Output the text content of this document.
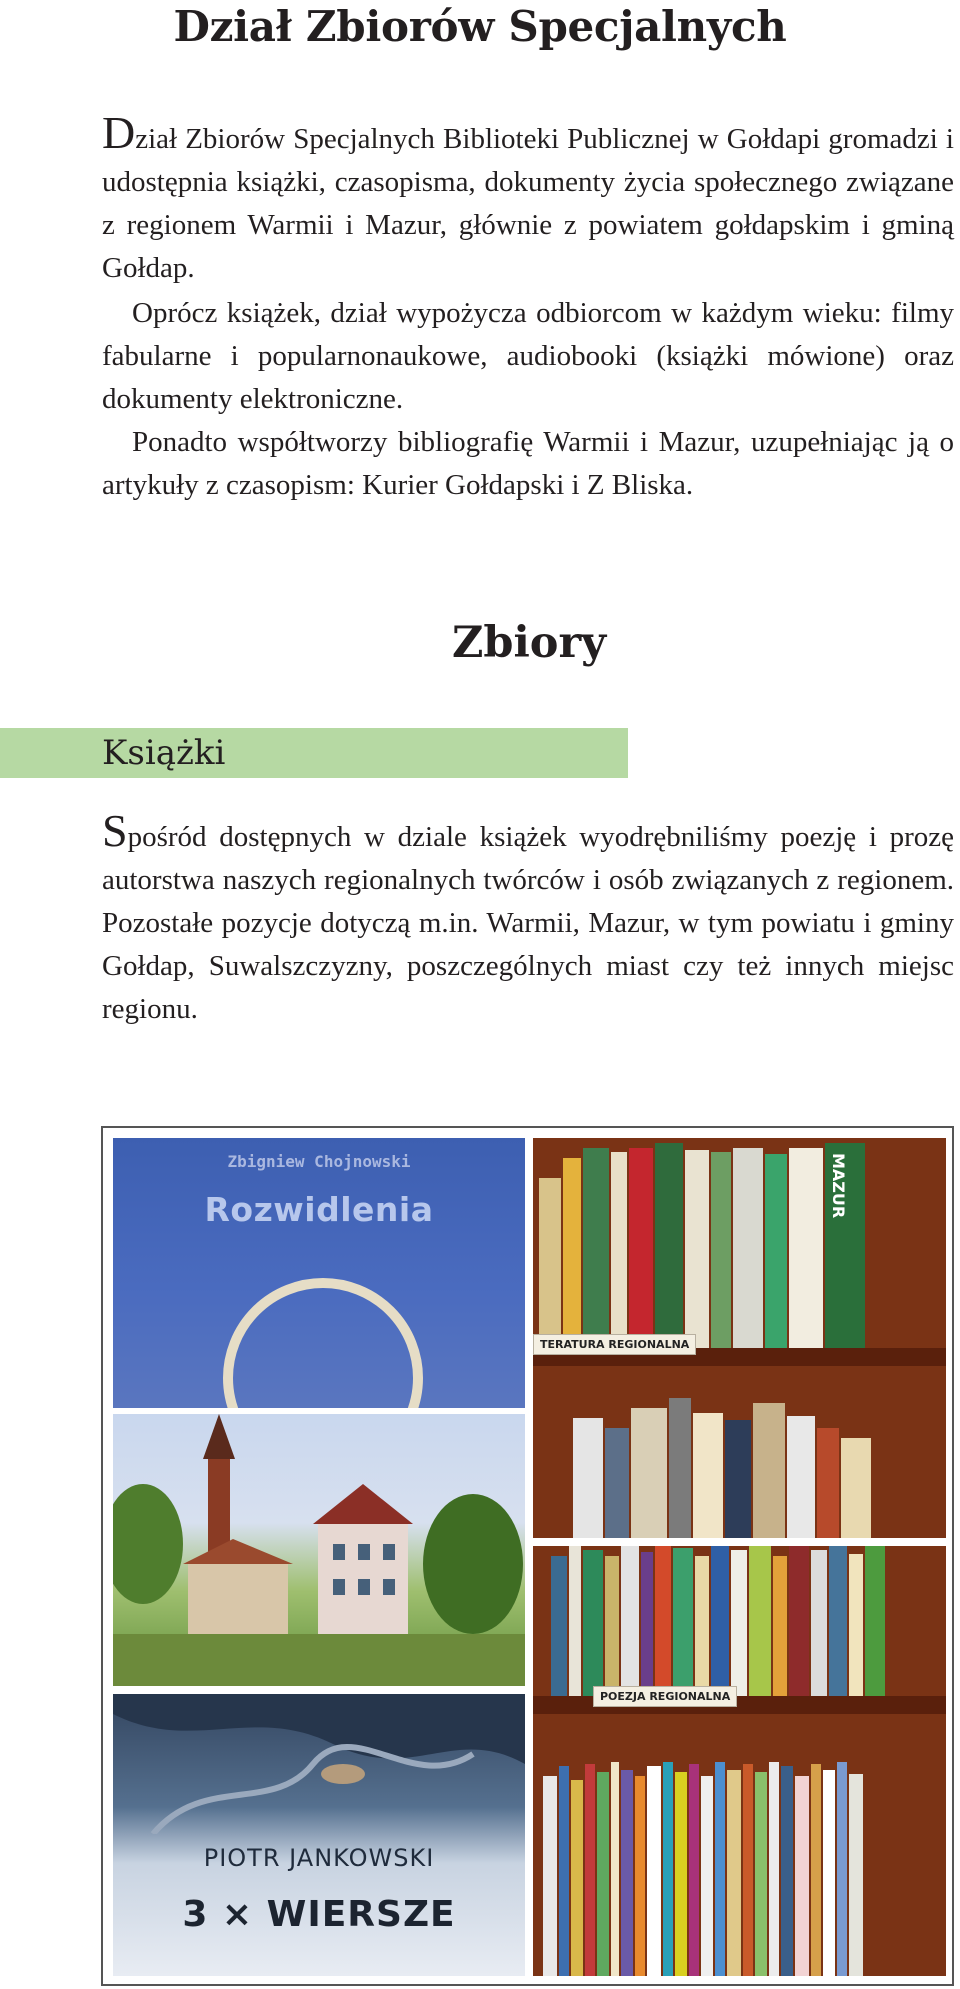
Dział Zbiorów Specjalnych

Dział Zbiorów Specjalnych Biblioteki Publicznej w Gołdapi gromadzi i udostępnia książki, czasopisma, dokumenty życia społecznego związane z regionem Warmii i Mazur, głównie z powiatem gołdapskim i gminą Gołdap.

Oprócz książek, dział wypożycza odbiorcom w każdym wieku: filmy fabularne i popularnonaukowe, audiobooki (książki mówione) oraz dokumenty elektroniczne.

Ponadto współtworzy bibliografię Warmii i Mazur, uzupełniając ją o artykuły z czasopism: Kurier Gołdapski i Z Bliska.

Zbiory
Książki

Spośród dostępnych w dziale książek wyodrębniliśmy poezję i prozę autorstwa naszych regionalnych twórców i osób związanych z regionem. Pozostałe pozycje dotyczą m.in. Warmii, Mazur, w tym powiatu i gminy Gołdap, Suwalszczyzny, poszczególnych miast czy też innych miejsc regionu.

Zbigniew Chojnowski
Rozwidlenia
PIOTR JANKOWSKI
3 × WIERSZE
MAZUR
TERATURA REGIONALNA
POEZJA REGIONALNA
